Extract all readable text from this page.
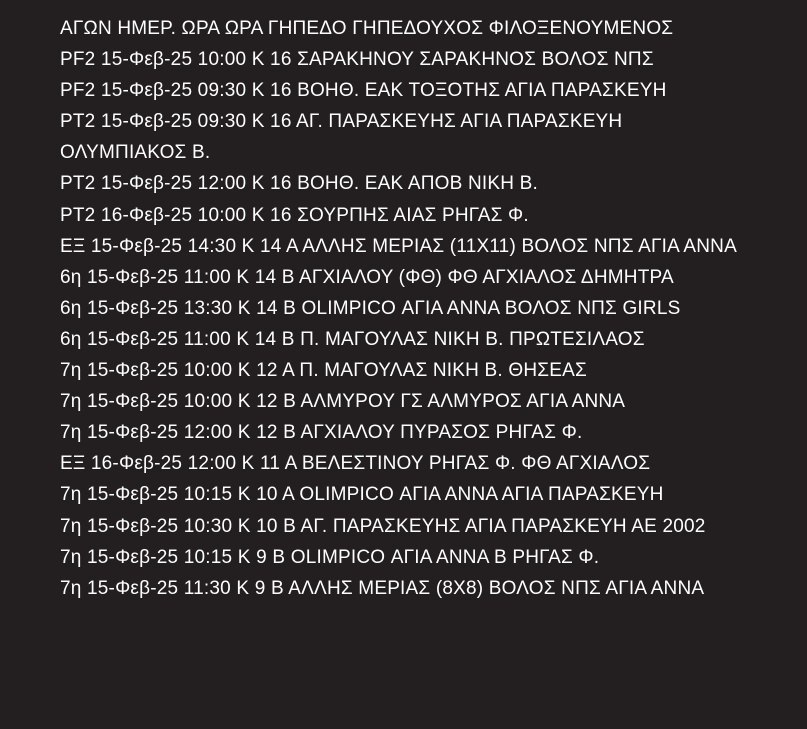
ΑΓΩΝ ΗΜΕΡ. ΩΡΑ ΩΡΑ ΓΗΠΕΔΟ ΓΗΠΕΔΟΥΧΟΣ ΦΙΛΟΞΕΝΟΥΜΕΝΟΣ
PF2 15-Φεβ-25 10:00 Κ 16 ΣΑΡΑΚΗΝΟΥ ΣΑΡΑΚΗΝΟΣ ΒΟΛΟΣ ΝΠΣ
PF2 15-Φεβ-25 09:30 Κ 16 ΒΟΗΘ. ΕΑΚ ΤΟΞΟΤΗΣ ΑΓΙΑ ΠΑΡΑΣΚΕΥΗ
PT2 15-Φεβ-25 09:30 Κ 16 ΑΓ. ΠΑΡΑΣΚΕΥΗΣ ΑΓΙΑ ΠΑΡΑΣΚΕΥΗ ΟΛΥΜΠΙΑΚΟΣ Β.
PT2 15-Φεβ-25 12:00 Κ 16 ΒΟΗΘ. ΕΑΚ ΑΠΟΒ ΝΙΚΗ Β.
PT2 16-Φεβ-25 10:00 Κ 16 ΣΟΥΡΠΗΣ ΑΙΑΣ ΡΗΓΑΣ Φ.
ΕΞ 15-Φεβ-25 14:30 Κ 14 Α ΑΛΛΗΣ ΜΕΡΙΑΣ (11Χ11) ΒΟΛΟΣ ΝΠΣ ΑΓΙΑ ΑΝΝΑ
6η 15-Φεβ-25 11:00 Κ 14 Β ΑΓΧΙΑΛΟΥ (ΦΘ) ΦΘ ΑΓΧΙΑΛΟΣ ΔΗΜΗΤΡΑ
6η 15-Φεβ-25 13:30 Κ 14 Β OLIMPICO ΑΓΙΑ ΑΝΝΑ ΒΟΛΟΣ ΝΠΣ GIRLS
6η 15-Φεβ-25 11:00 Κ 14 Β Π. ΜΑΓΟΥΛΑΣ ΝΙΚΗ Β. ΠΡΩΤΕΣΙΛΑΟΣ
7η 15-Φεβ-25 10:00 Κ 12 Α Π. ΜΑΓΟΥΛΑΣ ΝΙΚΗ Β. ΘΗΣΕΑΣ
7η 15-Φεβ-25 10:00 Κ 12 Β ΑΛΜΥΡΟΥ ΓΣ ΑΛΜΥΡΟΣ ΑΓΙΑ ΑΝΝΑ
7η 15-Φεβ-25 12:00 Κ 12 Β ΑΓΧΙΑΛΟΥ ΠΥΡΑΣΟΣ ΡΗΓΑΣ Φ.
ΕΞ 16-Φεβ-25 12:00 Κ 11 Α ΒΕΛΕΣΤΙΝΟΥ ΡΗΓΑΣ Φ. ΦΘ ΑΓΧΙΑΛΟΣ
7η 15-Φεβ-25 10:15 Κ 10 Α OLIMPICO ΑΓΙΑ ΑΝΝΑ ΑΓΙΑ ΠΑΡΑΣΚΕΥΗ
7η 15-Φεβ-25 10:30 Κ 10 Β ΑΓ. ΠΑΡΑΣΚΕΥΗΣ ΑΓΙΑ ΠΑΡΑΣΚΕΥΗ ΑΕ 2002
7η 15-Φεβ-25 10:15 Κ 9 Β OLIMPICO ΑΓΙΑ ΑΝΝΑ Β ΡΗΓΑΣ Φ.
7η 15-Φεβ-25 11:30 Κ 9 Β ΑΛΛΗΣ ΜΕΡΙΑΣ (8Χ8) ΒΟΛΟΣ ΝΠΣ ΑΓΙΑ ΑΝΝΑ
